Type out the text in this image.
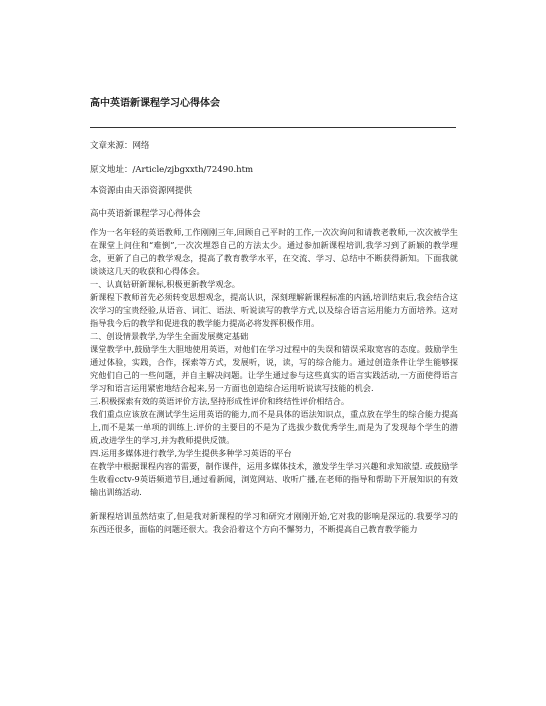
高中英语新课程学习心得体会
文章来源：网络
原文地址：/Article/zjbgxxth/72490.htm
本资源由由天添资源网提供
高中英语新课程学习心得体会

作为一名年轻的英语教师,工作刚刚三年,回顾自己平时的工作,一次次询问和请教老教师,一次次被学生在课堂上问住和“难倒”,一次次埋怨自己的方法太少。通过参加新课程培训,我学习到了新颖的教学理念，更新了自己的教学观念，提高了教育教学水平，在交流、学习、总结中不断获得新知。下面我就谈谈这几天的收获和心得体会。

一、认真钻研新课标,积极更新教学观念。

新课程下教师首先必须转变思想观念，提高认识，深刻理解新课程标准的内涵,培训结束后,我会结合这次学习的宝贵经验,从语音、词汇、语法、听说读写的教学方式,以及综合语言运用能力方面培养。这对指导我今后的教学和促进我的教学能力提高必将发挥积极作用。

二、创设情景教学,为学生全面发展奠定基础

课堂教学中,鼓励学生大胆地使用英语，对他们在学习过程中的失误和错误采取宽容的态度。鼓励学生通过体验，实践，合作，探索等方式，发展听，说，读，写的综合能力。通过创造条件让学生能够探究他们自己的一些问题，并自主解决问题。让学生通过参与这些真实的语言实践活动,一方面使得语言学习和语言运用紧密地结合起来,另一方面也创造综合运用听说读写技能的机会.

三.积极探索有效的英语评价方法,坚持形成性评价和终结性评价相结合。

我们重点应该放在测试学生运用英语的能力,而不是具体的语法知识点，重点放在学生的综合能力提高上,而不是某一单项的训练上.评价的主要目的不是为了选拔少数优秀学生,而是为了发现每个学生的潜质,改进学生的学习,并为教师提供反馈。

四.运用多媒体进行教学,为学生提供多种学习英语的平台

在教学中根据课程内容的需要，制作课件，运用多媒体技术，激发学生学习兴趣和求知欲望. 或鼓励学生收看cctv-9英语频道节目,通过看新闻，浏览网站、收听广播,在老师的指导和帮助下开展知识的有效输出训练活动.

新课程培训虽然结束了,但是我对新课程的学习和研究才刚刚开始,它对我的影响是深远的.我要学习的东西还很多，面临的问题还很大。我会沿着这个方向不懈努力，不断提高自己教育教学能力
